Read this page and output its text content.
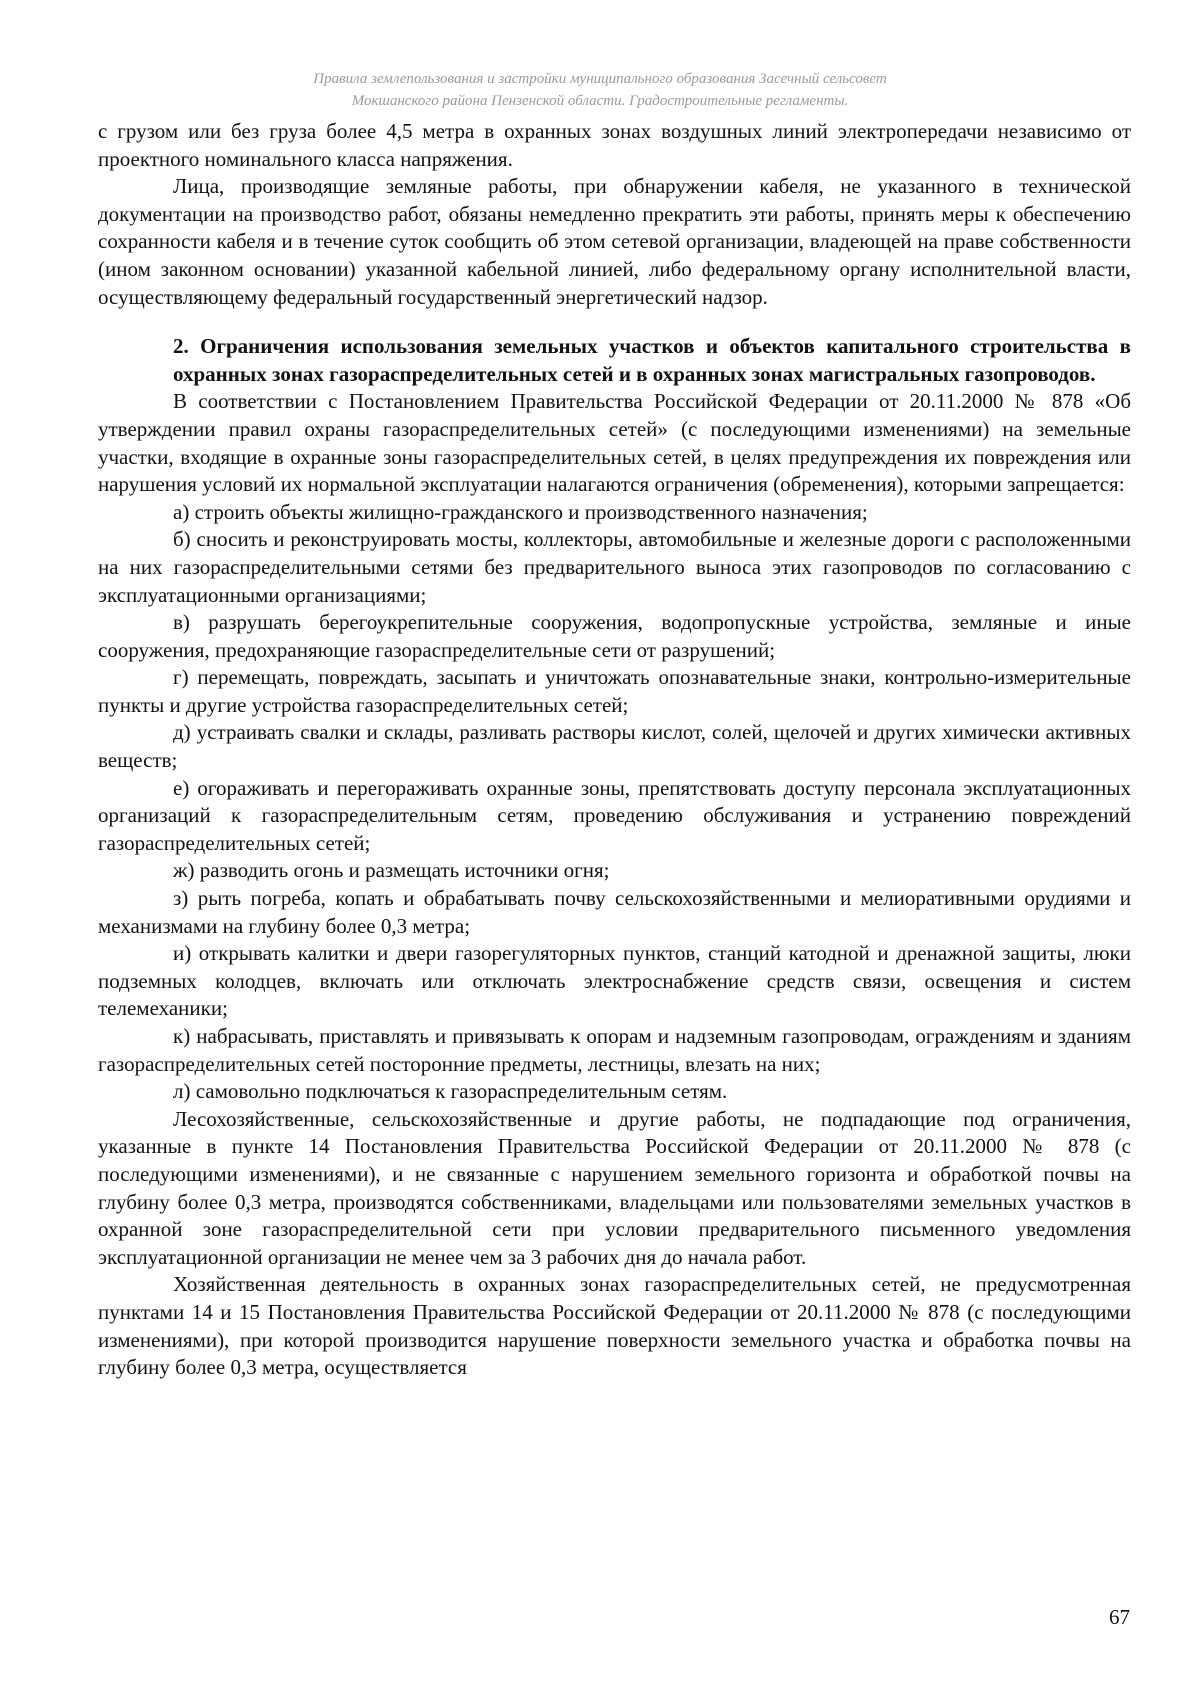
Правила землепользования и застройки муниципального образования Засечный сельсовет
Мокшанского района Пензенской области. Градостроительные регламенты.

с грузом или без груза более 4,5 метра в охранных зонах воздушных линий электропередачи независимо от проектного номинального класса напряжения.

Лица, производящие земляные работы, при обнаружении кабеля, не указанного в технической документации на производство работ, обязаны немедленно прекратить эти работы, принять меры к обеспечению сохранности кабеля и в течение суток сообщить об этом сетевой организации, владеющей на праве собственности (ином законном основании) указанной кабельной линией, либо федеральному органу исполнительной власти, осуществляющему федеральный государственный энергетический надзор.

2. Ограничения использования земельных участков и объектов капитального строительства в охранных зонах газораспределительных сетей и в охранных зонах магистральных газопроводов.

В соответствии с Постановлением Правительства Российской Федерации от 20.11.2000 № 878 «Об утверждении правил охраны газораспределительных сетей» (с последующими изменениями) на земельные участки, входящие в охранные зоны газораспределительных сетей, в целях предупреждения их повреждения или нарушения условий их нормальной эксплуатации налагаются ограничения (обременения), которыми запрещается:

а) строить объекты жилищно-гражданского и производственного назначения;

б) сносить и реконструировать мосты, коллекторы, автомобильные и железные дороги с расположенными на них газораспределительными сетями без предварительного выноса этих газопроводов по согласованию с эксплуатационными организациями;

в) разрушать берегоукрепительные сооружения, водопропускные устройства, земляные и иные сооружения, предохраняющие газораспределительные сети от разрушений;

г) перемещать, повреждать, засыпать и уничтожать опознавательные знаки, контрольно-измерительные пункты и другие устройства газораспределительных сетей;

д) устраивать свалки и склады, разливать растворы кислот, солей, щелочей и других химически активных веществ;

е) огораживать и перегораживать охранные зоны, препятствовать доступу персонала эксплуатационных организаций к газораспределительным сетям, проведению обслуживания и устранению повреждений газораспределительных сетей;

ж) разводить огонь и размещать источники огня;

з) рыть погреба, копать и обрабатывать почву сельскохозяйственными и мелиоративными орудиями и механизмами на глубину более 0,3 метра;

и) открывать калитки и двери газорегуляторных пунктов, станций катодной и дренажной защиты, люки подземных колодцев, включать или отключать электроснабжение средств связи, освещения и систем телемеханики;

к) набрасывать, приставлять и привязывать к опорам и надземным газопроводам, ограждениям и зданиям газораспределительных сетей посторонние предметы, лестницы, влезать на них;

л) самовольно подключаться к газораспределительным сетям.

Лесохозяйственные, сельскохозяйственные и другие работы, не подпадающие под ограничения, указанные в пункте 14 Постановления Правительства Российской Федерации от 20.11.2000 № 878 (с последующими изменениями), и не связанные с нарушением земельного горизонта и обработкой почвы на глубину более 0,3 метра, производятся собственниками, владельцами или пользователями земельных участков в охранной зоне газораспределительной сети при условии предварительного письменного уведомления эксплуатационной организации не менее чем за 3 рабочих дня до начала работ.

Хозяйственная деятельность в охранных зонах газораспределительных сетей, не предусмотренная пунктами 14 и 15 Постановления Правительства Российской Федерации от 20.11.2000 № 878 (с последующими изменениями), при которой производится нарушение поверхности земельного участка и обработка почвы на глубину более 0,3 метра, осуществляется

67
